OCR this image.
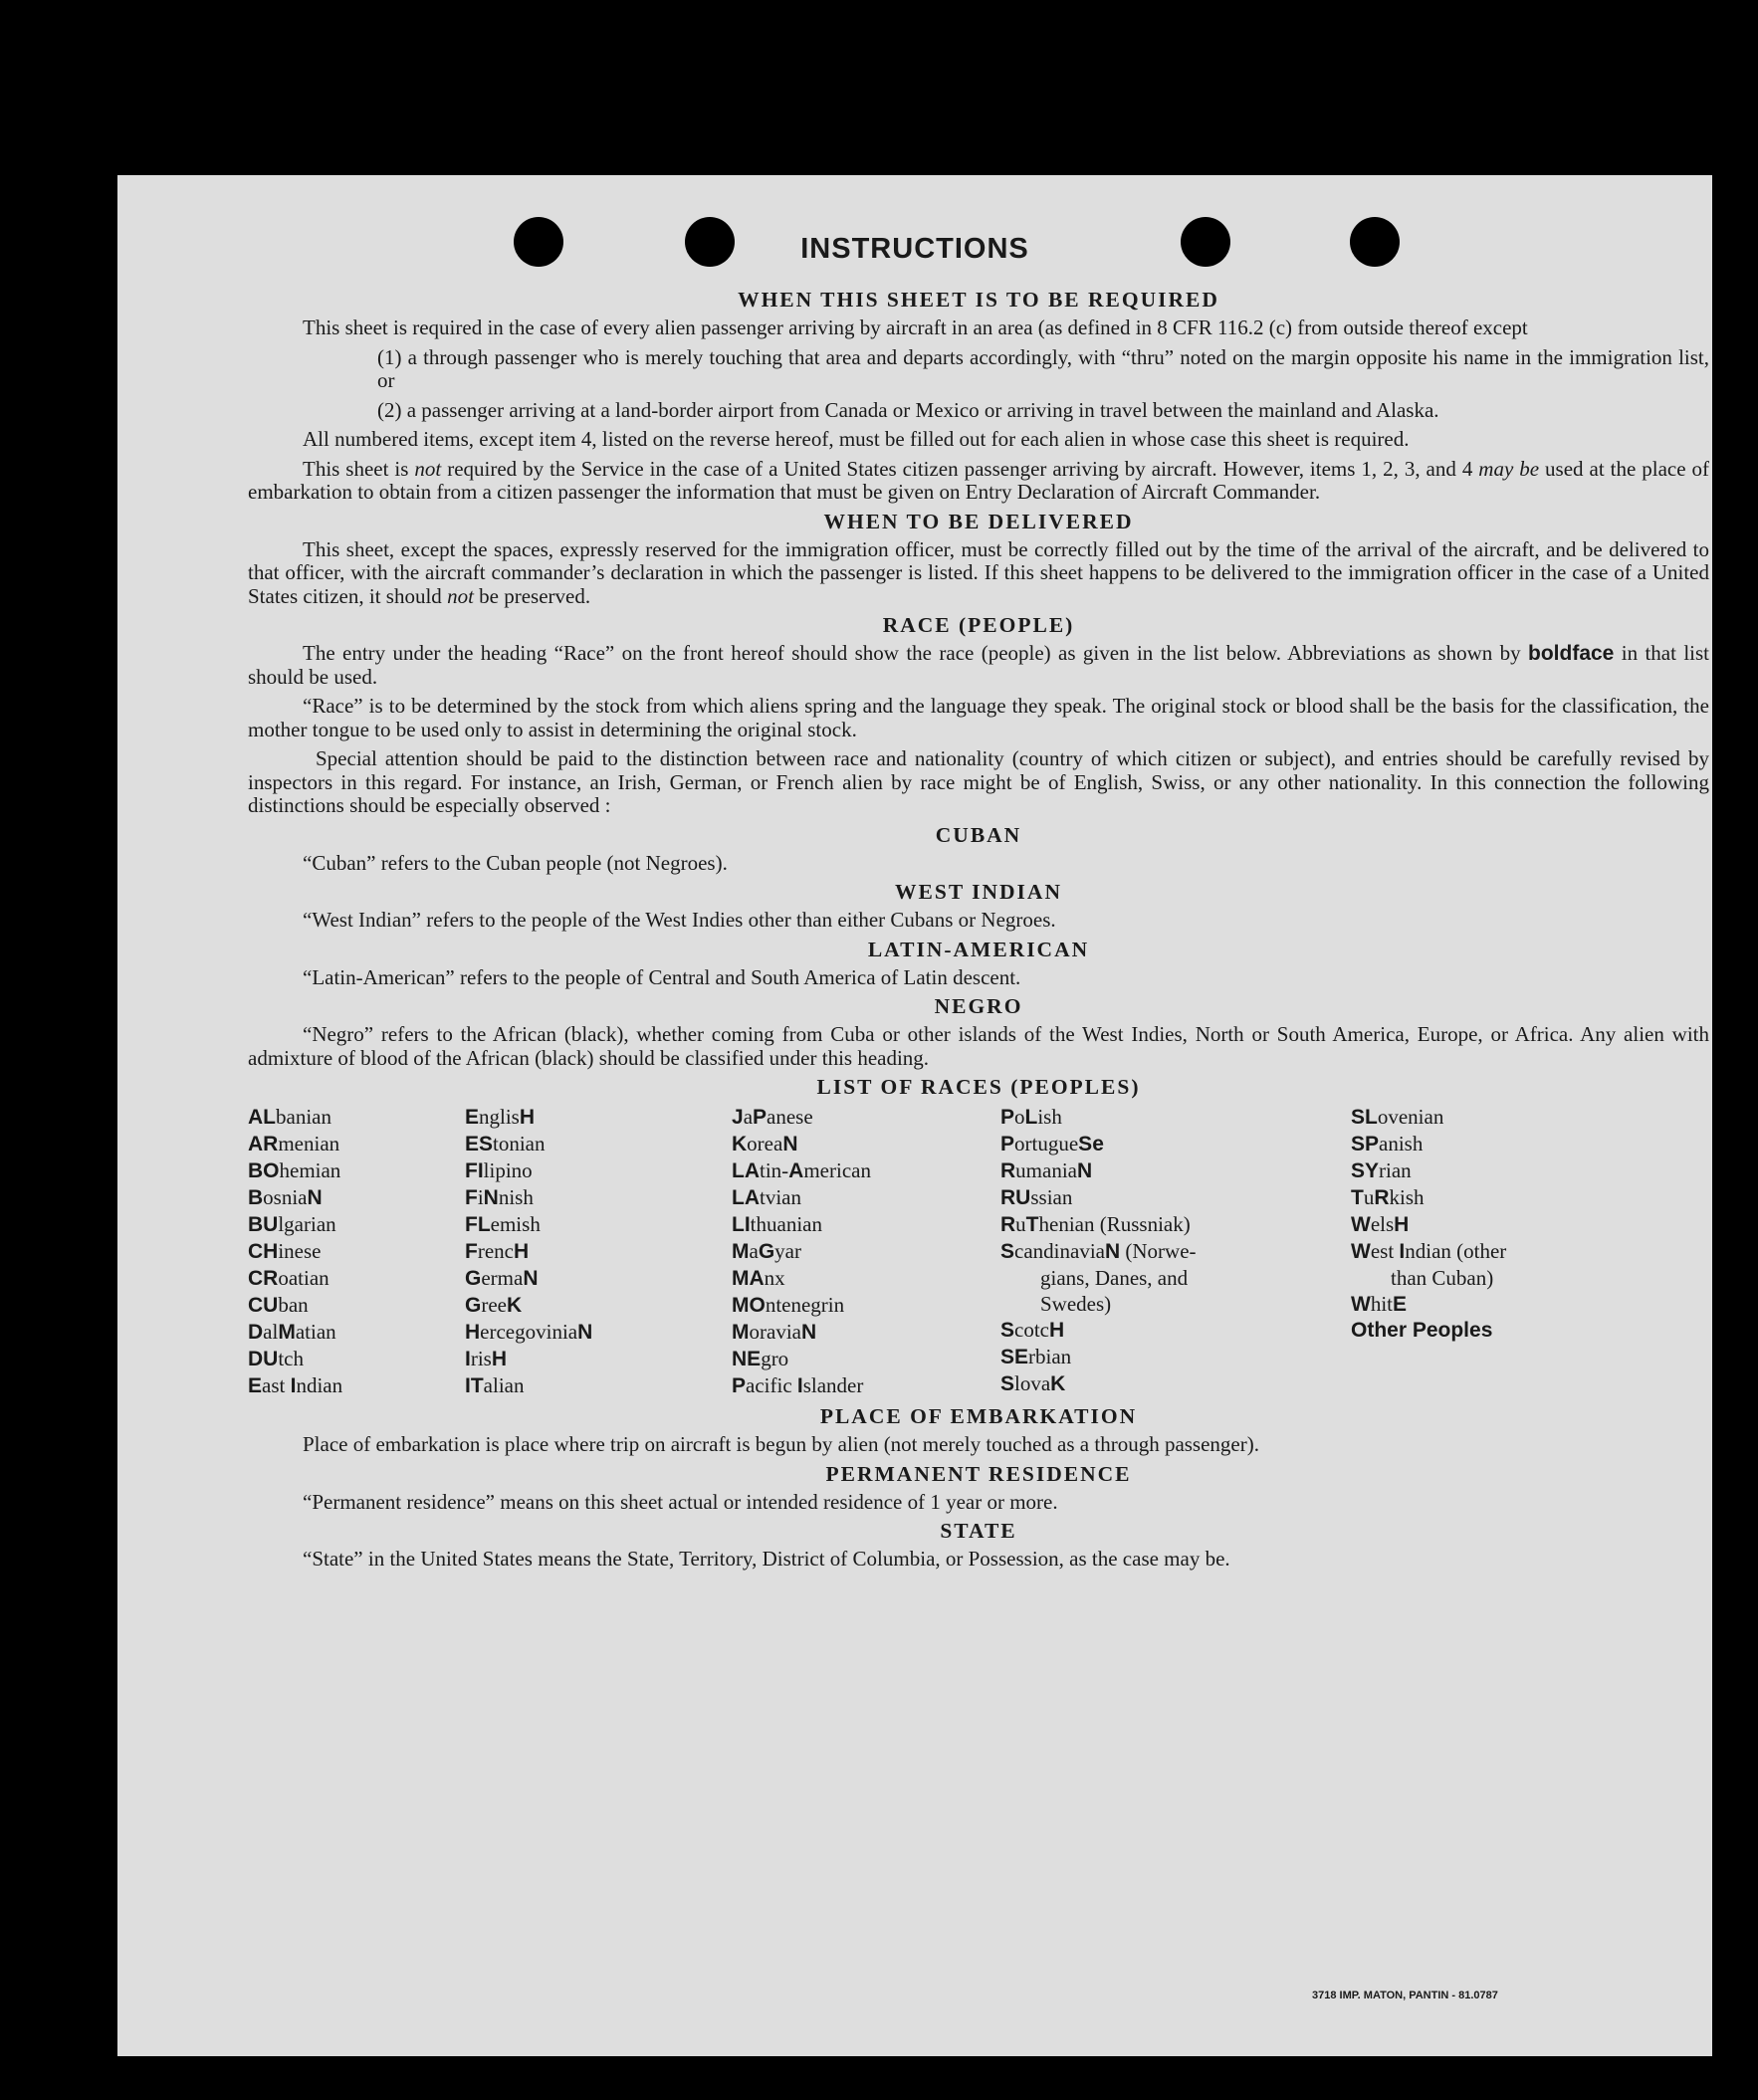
INSTRUCTIONS
WHEN THIS SHEET IS TO BE REQUIRED

This sheet is required in the case of every alien passenger arriving by aircraft in an area (as defined in 8 CFR 116.2 (c) from outside thereof except

(1) a through passenger who is merely touching that area and departs accordingly, with “thru” noted on the margin opposite his name in the immigration list, or

(2) a passenger arriving at a land-border airport from Canada or Mexico or arriving in travel between the mainland and Alaska.

All numbered items, except item 4, listed on the reverse hereof, must be filled out for each alien in whose case this sheet is required.

This sheet is not required by the Service in the case of a United States citizen passenger arriving by aircraft. However, items 1, 2, 3, and 4 may be used at the place of embarkation to obtain from a citizen passenger the information that must be given on Entry Declaration of Aircraft Commander.

WHEN TO BE DELIVERED

This sheet, except the spaces, expressly reserved for the immigration officer, must be correctly filled out by the time of the arrival of the aircraft, and be delivered to that officer, with the aircraft commander’s declaration in which the passenger is listed. If this sheet happens to be delivered to the immigration officer in the case of a United States citizen, it should not be preserved.

RACE (PEOPLE)

The entry under the heading “Race” on the front hereof should show the race (people) as given in the list below. Abbreviations as shown by boldface in that list should be used.

“Race” is to be determined by the stock from which aliens spring and the language they speak. The original stock or blood shall be the basis for the classification, the mother tongue to be used only to assist in determining the original stock.

Special attention should be paid to the distinction between race and nationality (country of which citizen or subject), and entries should be carefully revised by inspectors in this regard. For instance, an Irish, German, or French alien by race might be of English, Swiss, or any other nationality. In this connection the following distinctions should be especially observed :

CUBAN

“Cuban” refers to the Cuban people (not Negroes).

WEST INDIAN

“West Indian” refers to the people of the West Indies other than either Cubans or Negroes.

LATIN-AMERICAN

“Latin-American” refers to the people of Central and South America of Latin descent.

NEGRO

“Negro” refers to the African (black), whether coming from Cuba or other islands of the West Indies, North or South America, Europe, or Africa. Any alien with admixture of blood of the African (black) should be classified under this heading.

LIST OF RACES (PEOPLES)
ALbanian
ARmenian
BOhemian
BosniaN
BUlgarian
CHinese
CRoatian
CUban
DalMatian
DUtch
East Indian
EnglisH
EStonian
FIlipino
FiNnish
FLemish
FrencH
GermaN
GreeK
HercegoviniaN
IrisH
ITalian
JaPanese
KoreaN
LAtin-American
LAtvian
LIthuanian
MaGyar
MAnx
MOntenegrin
MoraviaN
NEgro
Pacific Islander
PoLish
PortugueSe
RumaniaN
RUssian
RuThenian (Russniak)
ScandinaviaN (Norwe-
gians, Danes, and
Swedes)
ScotcH
SErbian
SlovaK
SLovenian
SPanish
SYrian
TuRkish
WelsH
West Indian (other
than Cuban)
WhitE
Other Peoples
PLACE OF EMBARKATION

Place of embarkation is place where trip on aircraft is begun by alien (not merely touched as a through passenger).

PERMANENT RESIDENCE

“Permanent residence” means on this sheet actual or intended residence of 1 year or more.

STATE

“State” in the United States means the State, Territory, District of Columbia, or Possession, as the case may be.

3718 IMP. MATON, PANTIN - 81.0787
